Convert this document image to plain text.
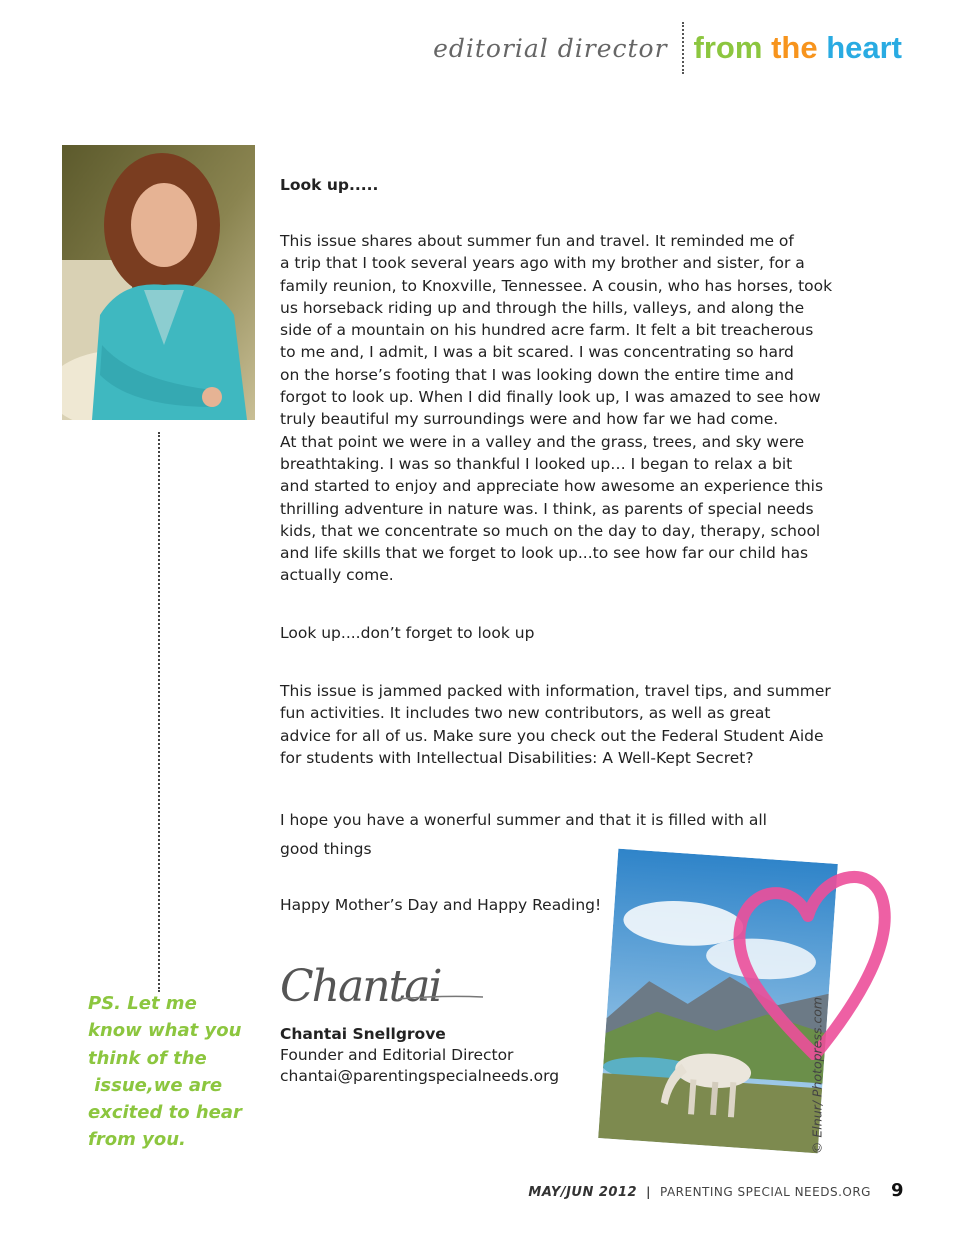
editorial director from the heart
PS. Let me
know what you
think of the
issue,we are
excited to hear
from you.
Look up.....
This issue shares about summer fun and travel. It reminded me of
a trip that I took several years ago with my brother and sister, for a
family reunion, to Knoxville, Tennessee. A cousin, who has horses, took
us horseback riding up and through the hills, valleys, and along the
side of a mountain on his hundred acre farm. It felt a bit treacherous
to me and, I admit, I was a bit scared. I was concentrating so hard
on the horse’s footing that I was looking down the entire time and
forgot to look up. When I did finally look up, I was amazed to see how
truly beautiful my surroundings were and how far we had come.
At that point we were in a valley and the grass, trees, and sky were
breathtaking. I was so thankful I looked up… I began to relax a bit
and started to enjoy and appreciate how awesome an experience this
thrilling adventure in nature was. I think, as parents of special needs
kids, that we concentrate so much on the day to day, therapy, school
and life skills that we forget to look up...to see how far our child has
actually come.
Look up....don’t forget to look up
This issue is jammed packed with information, travel tips, and summer
fun activities. It includes two new contributors, as well as great
advice for all of us. Make sure you check out the Federal Student Aide
for students with Intellectual Disabilities: A Well-Kept Secret?
I hope you have a wonerful summer and that it is filled with all
good things
Happy Mother’s Day and Happy Reading!
Chantai
Chantai Snellgrove
Founder and Editorial Director
chantai@parentingspecialneeds.org	© Elnur/ Photopress.com
MAY/JUN 2012 | PARENTING SPECIAL NEEDS.ORG 9
